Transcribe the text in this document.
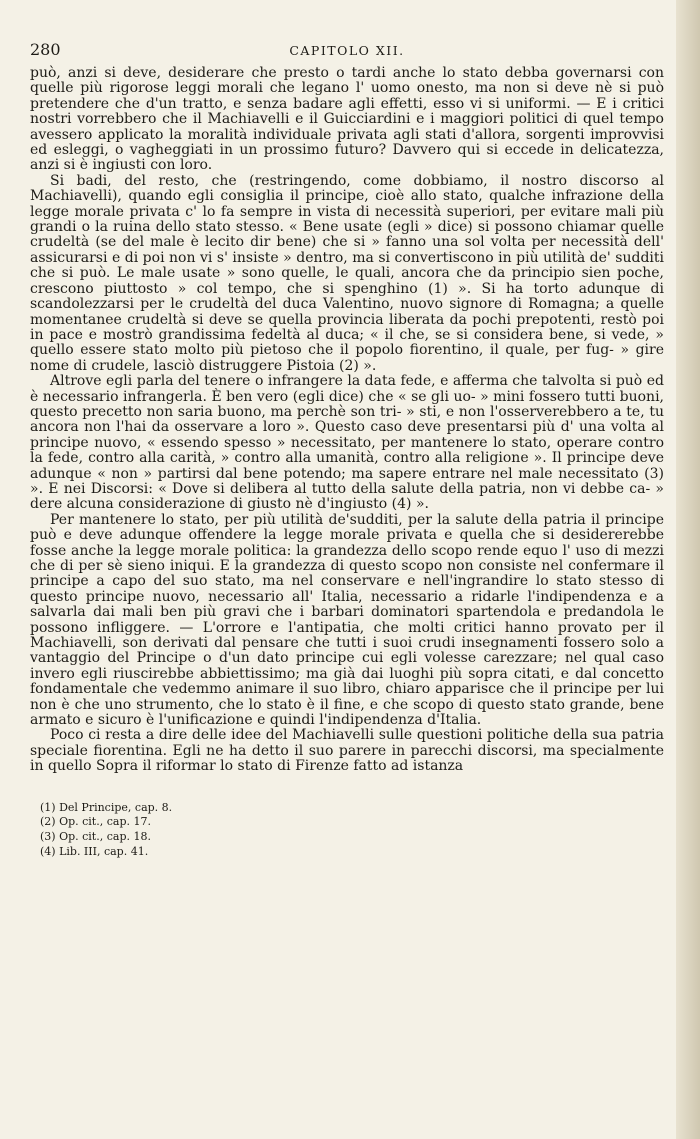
280	CAPITOLO XII.

può, anzi si deve, desiderare che presto o tardi anche lo stato debba governarsi con quelle più rigorose leggi morali che legano l' uomo onesto, ma non si deve nè si può pretendere che d'un tratto, e senza badare agli effetti, esso vi si uniformi. — E i critici nostri vorrebbero che il Machiavelli e il Guicciardini e i maggiori politici di quel tempo avessero applicato la moralità individuale privata agli stati d'allora, sorgenti improvvisi ed esleggi, o vagheggiati in un prossimo futuro? Davvero qui si eccede in delicatezza, anzi si è ingiusti con loro.

Si badi, del resto, che (restringendo, come dobbiamo, il nostro discorso al Machiavelli), quando egli consiglia il principe, cioè allo stato, qualche infrazione della legge morale privata c' lo fa sempre in vista di necessità superiori, per evitare mali più grandi o la ruina dello stato stesso. « Bene usate (egli » dice) si possono chiamar quelle crudeltà (se del male è lecito dir bene) che si » fanno una sol volta per necessità dell' assicurarsi e di poi non vi s' insiste » dentro, ma si convertiscono in più utilità de' sudditi che si può. Le male usate » sono quelle, le quali, ancora che da principio sien poche, crescono piuttosto » col tempo, che si spenghino (1) ». Si ha torto adunque di scandolezzarsi per le crudeltà del duca Valentino, nuovo signore di Romagna; a quelle momentanee crudeltà si deve se quella provincia liberata da pochi prepotenti, restò poi in pace e mostrò grandissima fedeltà al duca; « il che, se si considera bene, si vede, » quello essere stato molto più pietoso che il popolo fiorentino, il quale, per fug- » gire nome di crudele, lasciò distruggere Pistoia (2) ».

Altrove egli parla del tenere o infrangere la data fede, e afferma che talvolta si può ed è necessario infrangerla. È ben vero (egli dice) che « se gli uo- » mini fossero tutti buoni, questo precetto non saria buono, ma perchè son tri- » sti, e non l'osserverebbero a te, tu ancora non l'hai da osservare a loro ». Questo caso deve presentarsi più d' una volta al principe nuovo, « essendo spesso » necessitato, per mantenere lo stato, operare contro la fede, contro alla carità, » contro alla umanità, contro alla religione ». Il principe deve adunque « non » partirsi dal bene potendo; ma sapere entrare nel male necessitato (3) ». E nei Discorsi: « Dove si delibera al tutto della salute della patria, non vi debbe ca- » dere alcuna considerazione di giusto nè d'ingiusto (4) ».

Per mantenere lo stato, per più utilità de'sudditi, per la salute della patria il principe può e deve adunque offendere la legge morale privata e quella che si desidererebbe fosse anche la legge morale politica: la grandezza dello scopo rende equo l' uso di mezzi che di per sè sieno iniqui. E la grandezza di questo scopo non consiste nel confermare il principe a capo del suo stato, ma nel conservare e nell'ingrandire lo stato stesso di questo principe nuovo, necessario all' Italia, necessario a ridarle l'indipendenza e a salvarla dai mali ben più gravi che i barbari dominatori spartendola e predandola le possono infliggere. — L'orrore e l'antipatia, che molti critici hanno provato per il Machiavelli, son derivati dal pensare che tutti i suoi crudi insegnamenti fossero solo a vantaggio del Principe o d'un dato principe cui egli volesse carezzare; nel qual caso invero egli riuscirebbe abbiettissimo; ma già dai luoghi più sopra citati, e dal concetto fondamentale che vedemmo animare il suo libro, chiaro apparisce che il principe per lui non è che uno strumento, che lo stato è il fine, e che scopo di questo stato grande, bene armato e sicuro è l'unificazione e quindi l'indipendenza d'Italia.

Poco ci resta a dire delle idee del Machiavelli sulle questioni politiche della sua patria speciale fiorentina. Egli ne ha detto il suo parere in parecchi discorsi, ma specialmente in quello Sopra il riformar lo stato di Firenze fatto ad istanza

(1) Del Principe, cap. 8.
(2) Op. cit., cap. 17.
(3) Op. cit., cap. 18.
(4) Lib. III, cap. 41.
